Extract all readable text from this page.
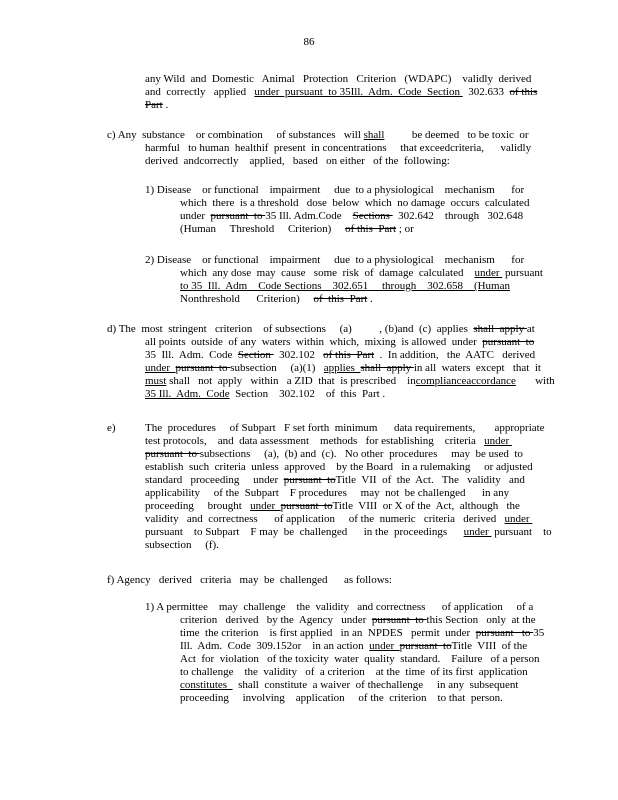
86
any Wild  and  Domestic   Animal   Protection   Criterion   (WDAPC)    validly  derived
and  correctly   applied   under  pursuant  to 35Ill.  Adm.  Code  Section   302.633  of this
Part .
c) Any  substance    or combination     of substances   will shall          be deemed   to be toxic  or
harmful   to human  healthif  present  in concentrations     that exceedcriteria,      validly
derived  andcorrectly    applied,   based   on either   of the  following:
1) Disease    or functional    impairment     due  to a physiological    mechanism      for
which  there  is a threshold   dose  below  which  no damage  occurs  calculated
under  pursuant  to 35 Ill. Adm.Code    Sections   302.642    through   302.648
(Human     Threshold     Criterion)     of this  Part ; or
2) Disease    or functional    impairment     due  to a physiological    mechanism      for
which  any dose  may  cause   some  risk  of  damage  calculated    under  pursuant
to 35  Ill.  Adm    Code Sections    302.651     through    302.658    (Human
Nonthreshold      Criterion)     of  this  Part .
d) The  most  stringent   criterion    of subsections     (a)          , (b)and  (c)  applies  shall  apply at
all points  outside  of any  waters  within  which,  mixing  is allowed  under  pursuant  to
35  Ill.  Adm.  Code  Section   302.102   of this  Part  .  In addition,   the  AATC   derived
under  pursuant  to subsection     (a)(1)   applies  shall  apply in all  waters  except   that  it
must shall   not  apply   within   a ZID  that  is prescribed    incomplianceaccordance       with
35 Ill.  Adm.  Code  Section    302.102    of  this  Part .
e)	The  procedures     of Subpart   F set forth  minimum      data requirements,       appropriate
test protocols,    and  data assessment    methods   for establishing    criteria   under
pursuant  to subsections     (a),  (b) and  (c).   No other  procedures     may  be used  to
establish  such  criteria  unless  approved    by the Board   in a rulemaking     or adjusted
standard   proceeding     under  pursuant  toTitle  VII  of  the  Act.   The   validity   and
applicability     of the  Subpart    F procedures     may  not  be challenged      in any
proceeding     brought   under  pursuant  toTitle  VIII  or X of the  Act,  although   the
validity   and  correctness      of application     of the  numeric   criteria   derived   under
pursuant    to Subpart    F may  be  challenged      in the  proceedings      under  pursuant    to
subsection     (f).
f) Agency   derived   criteria   may  be  challenged      as follows:
1) A permittee    may  challenge    the  validity   and correctness      of application     of a
criterion   derived   by the  Agency   under  pursuant  to this Section   only  at the
time  the criterion    is first applied   in an  NPDES   permit  under  pursuant   to 35
Ill.  Adm.  Code  309.152or    in an action  under  pursuant  toTitle  VIII  of the
Act  for  violation   of the toxicity  water  quality  standard.    Failure   of a person
to challenge    the  validity   of  a criterion    at the  time  of its first  application
constitutes    shall  constitute  a waiver  of thechallenge     in any  subsequent
proceeding     involving    application     of the  criterion    to that  person.
